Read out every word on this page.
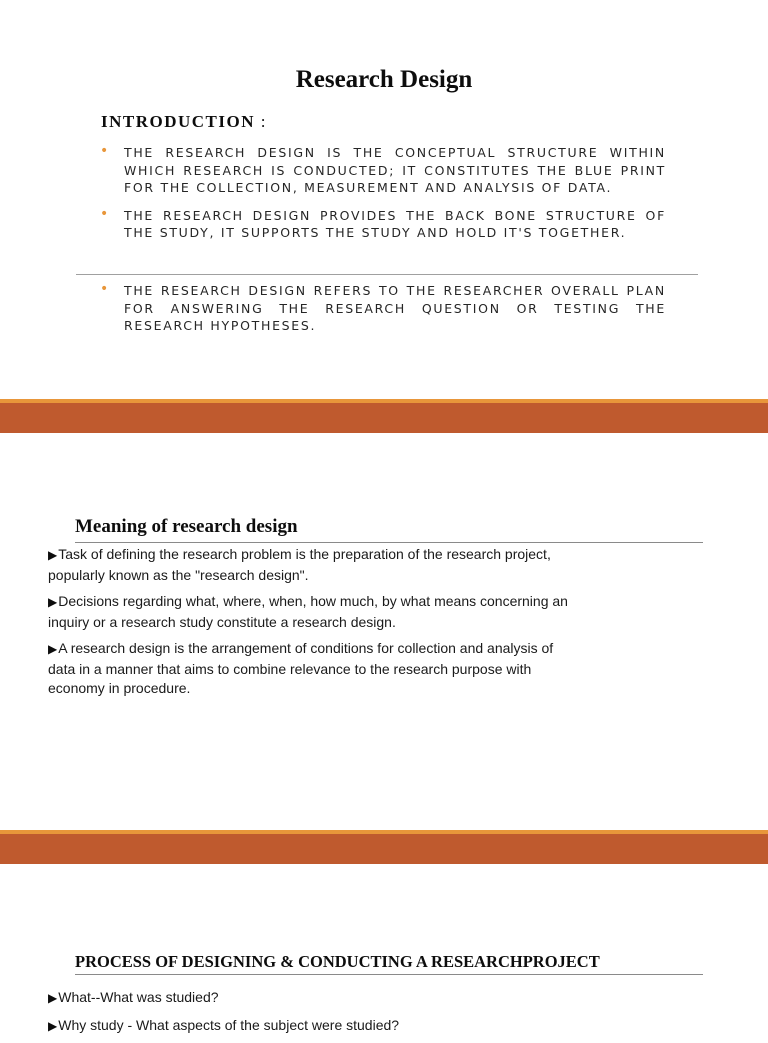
Research Design
INTRODUCTION :
• THE RESEARCH DESIGN IS THE CONCEPTUAL STRUCTURE WITHIN WHICH RESEARCH IS CONDUCTED; IT CONSTITUTES THE BLUE PRINT FOR THE COLLECTION, MEASUREMENT AND ANALYSIS OF DATA.
• THE RESEARCH DESIGN PROVIDES THE BACK BONE STRUCTURE OF THE STUDY, IT SUPPORTS THE STUDY AND HOLD IT'S TOGETHER.
• THE RESEARCH DESIGN REFERS TO THE RESEARCHER OVERALL PLAN FOR ANSWERING THE RESEARCH QUESTION OR TESTING THE RESEARCH HYPOTHESES.
Meaning of research design
▶Task of defining the research problem is the preparation of the research project, popularly known as the "research design".
▶Decisions regarding what, where, when, how much, by what means concerning an inquiry or a research study constitute a research design.
▶A research design is the arrangement of conditions for collection and analysis of data in a manner that aims to combine relevance to the research purpose with economy in procedure.
PROCESS OF DESIGNING & CONDUCTING A RESEARCHPROJECT
▶What--What was studied?
▶Why study - What aspects of the subject were studied?
